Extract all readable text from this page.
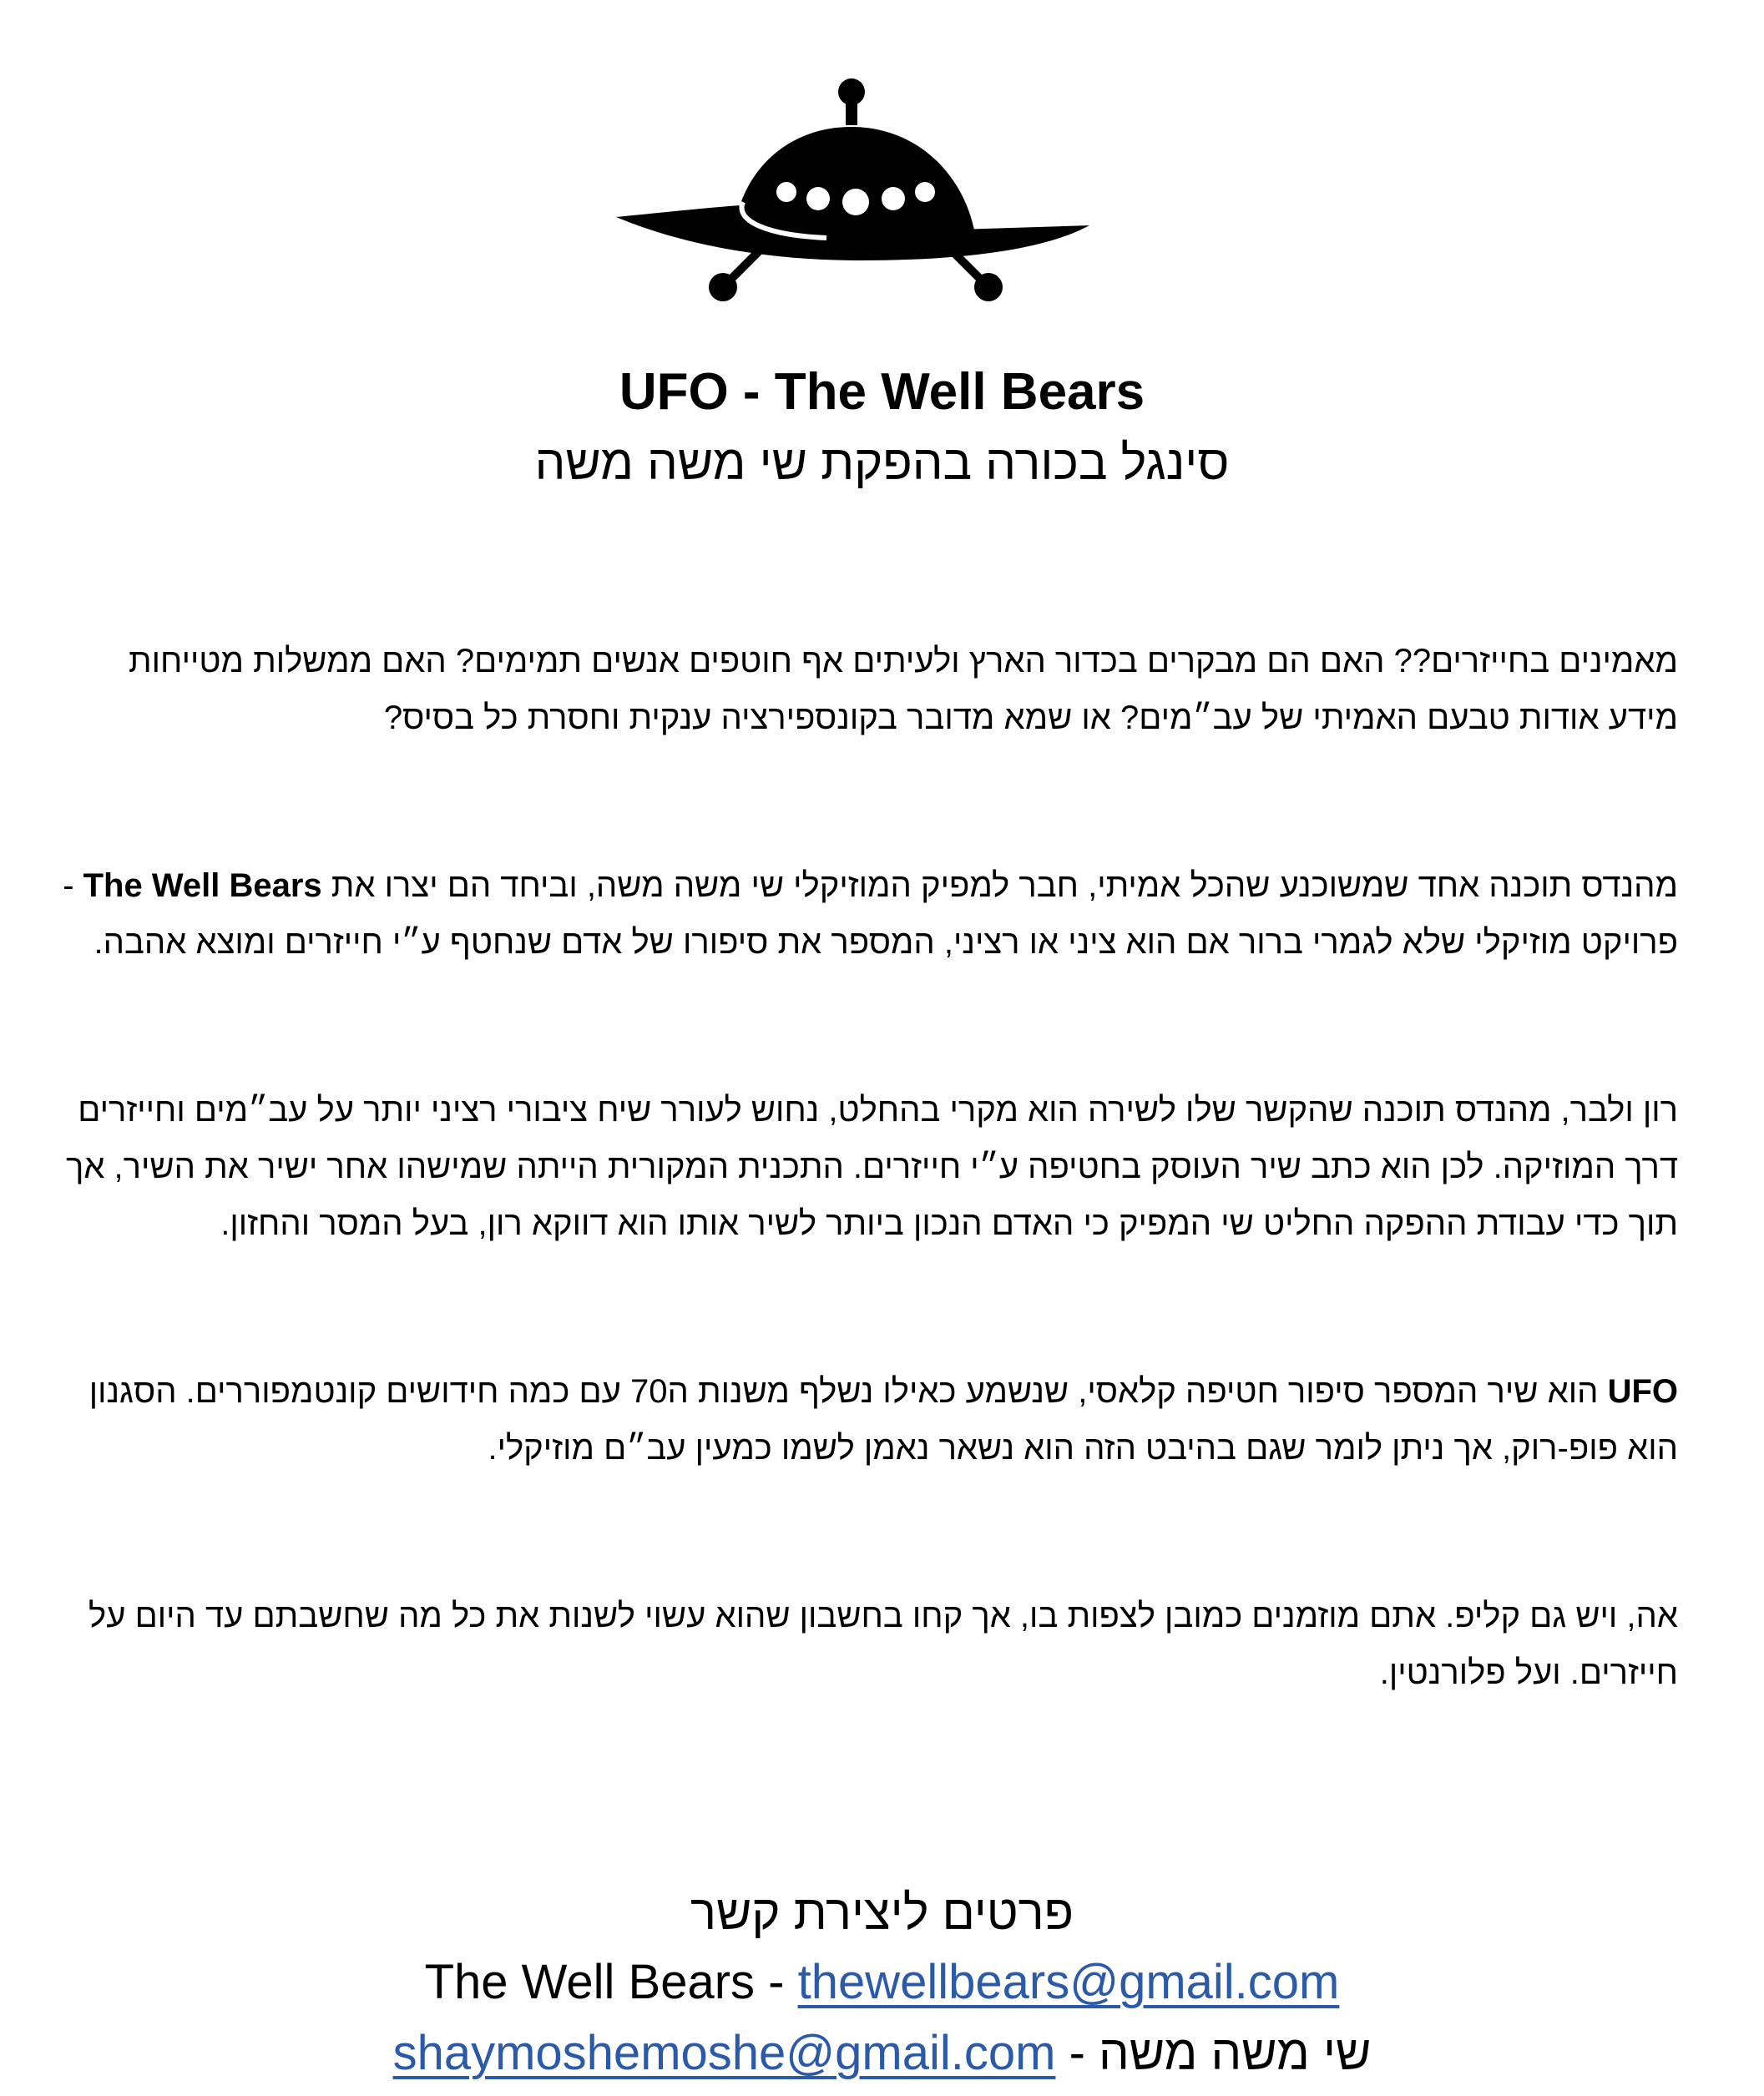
UFO - The Well Bears
סינגל בכורה בהפקת שי משה משה

מאמינים בחייזרים?? האם הם מבקרים בכדור הארץ ולעיתים אף חוטפים אנשים תמימים? האם ממשלות מטייחות מידע אודות טבעם האמיתי של עב״מים? או שמא מדובר בקונספירציה ענקית וחסרת כל בסיס?

מהנדס תוכנה אחד שמשוכנע שהכל אמיתי, חבר למפיק המוזיקלי שי משה משה, וביחד הם יצרו את The Well Bears - פרויקט מוזיקלי שלא לגמרי ברור אם הוא ציני או רציני, המספר את סיפורו של אדם שנחטף ע״י חייזרים ומוצא אהבה.

רון ולבר, מהנדס תוכנה שהקשר שלו לשירה הוא מקרי בהחלט, נחוש לעורר שיח ציבורי רציני יותר על עב״מים וחייזרים דרך המוזיקה. לכן הוא כתב שיר העוסק בחטיפה ע״י חייזרים. התכנית המקורית הייתה שמישהו אחר ישיר את השיר, אך תוך כדי עבודת ההפקה החליט שי המפיק כי האדם הנכון ביותר לשיר אותו הוא דווקא רון, בעל המסר והחזון.

UFO הוא שיר המספר סיפור חטיפה קלאסי, שנשמע כאילו נשלף משנות ה70 עם כמה חידושים קונטמפוררים. הסגנון הוא פופ-רוק, אך ניתן לומר שגם בהיבט הזה הוא נשאר נאמן לשמו כמעין עב״ם מוזיקלי.

אה, ויש גם קליפ. אתם מוזמנים כמובן לצפות בו, אך קחו בחשבון שהוא עשוי לשנות את כל מה שחשבתם עד היום על חייזרים. ועל פלורנטין.

פרטים ליצירת קשר
The Well Bears - thewellbears@gmail.com
שי משה משה - shaymoshemoshe@gmail.com
